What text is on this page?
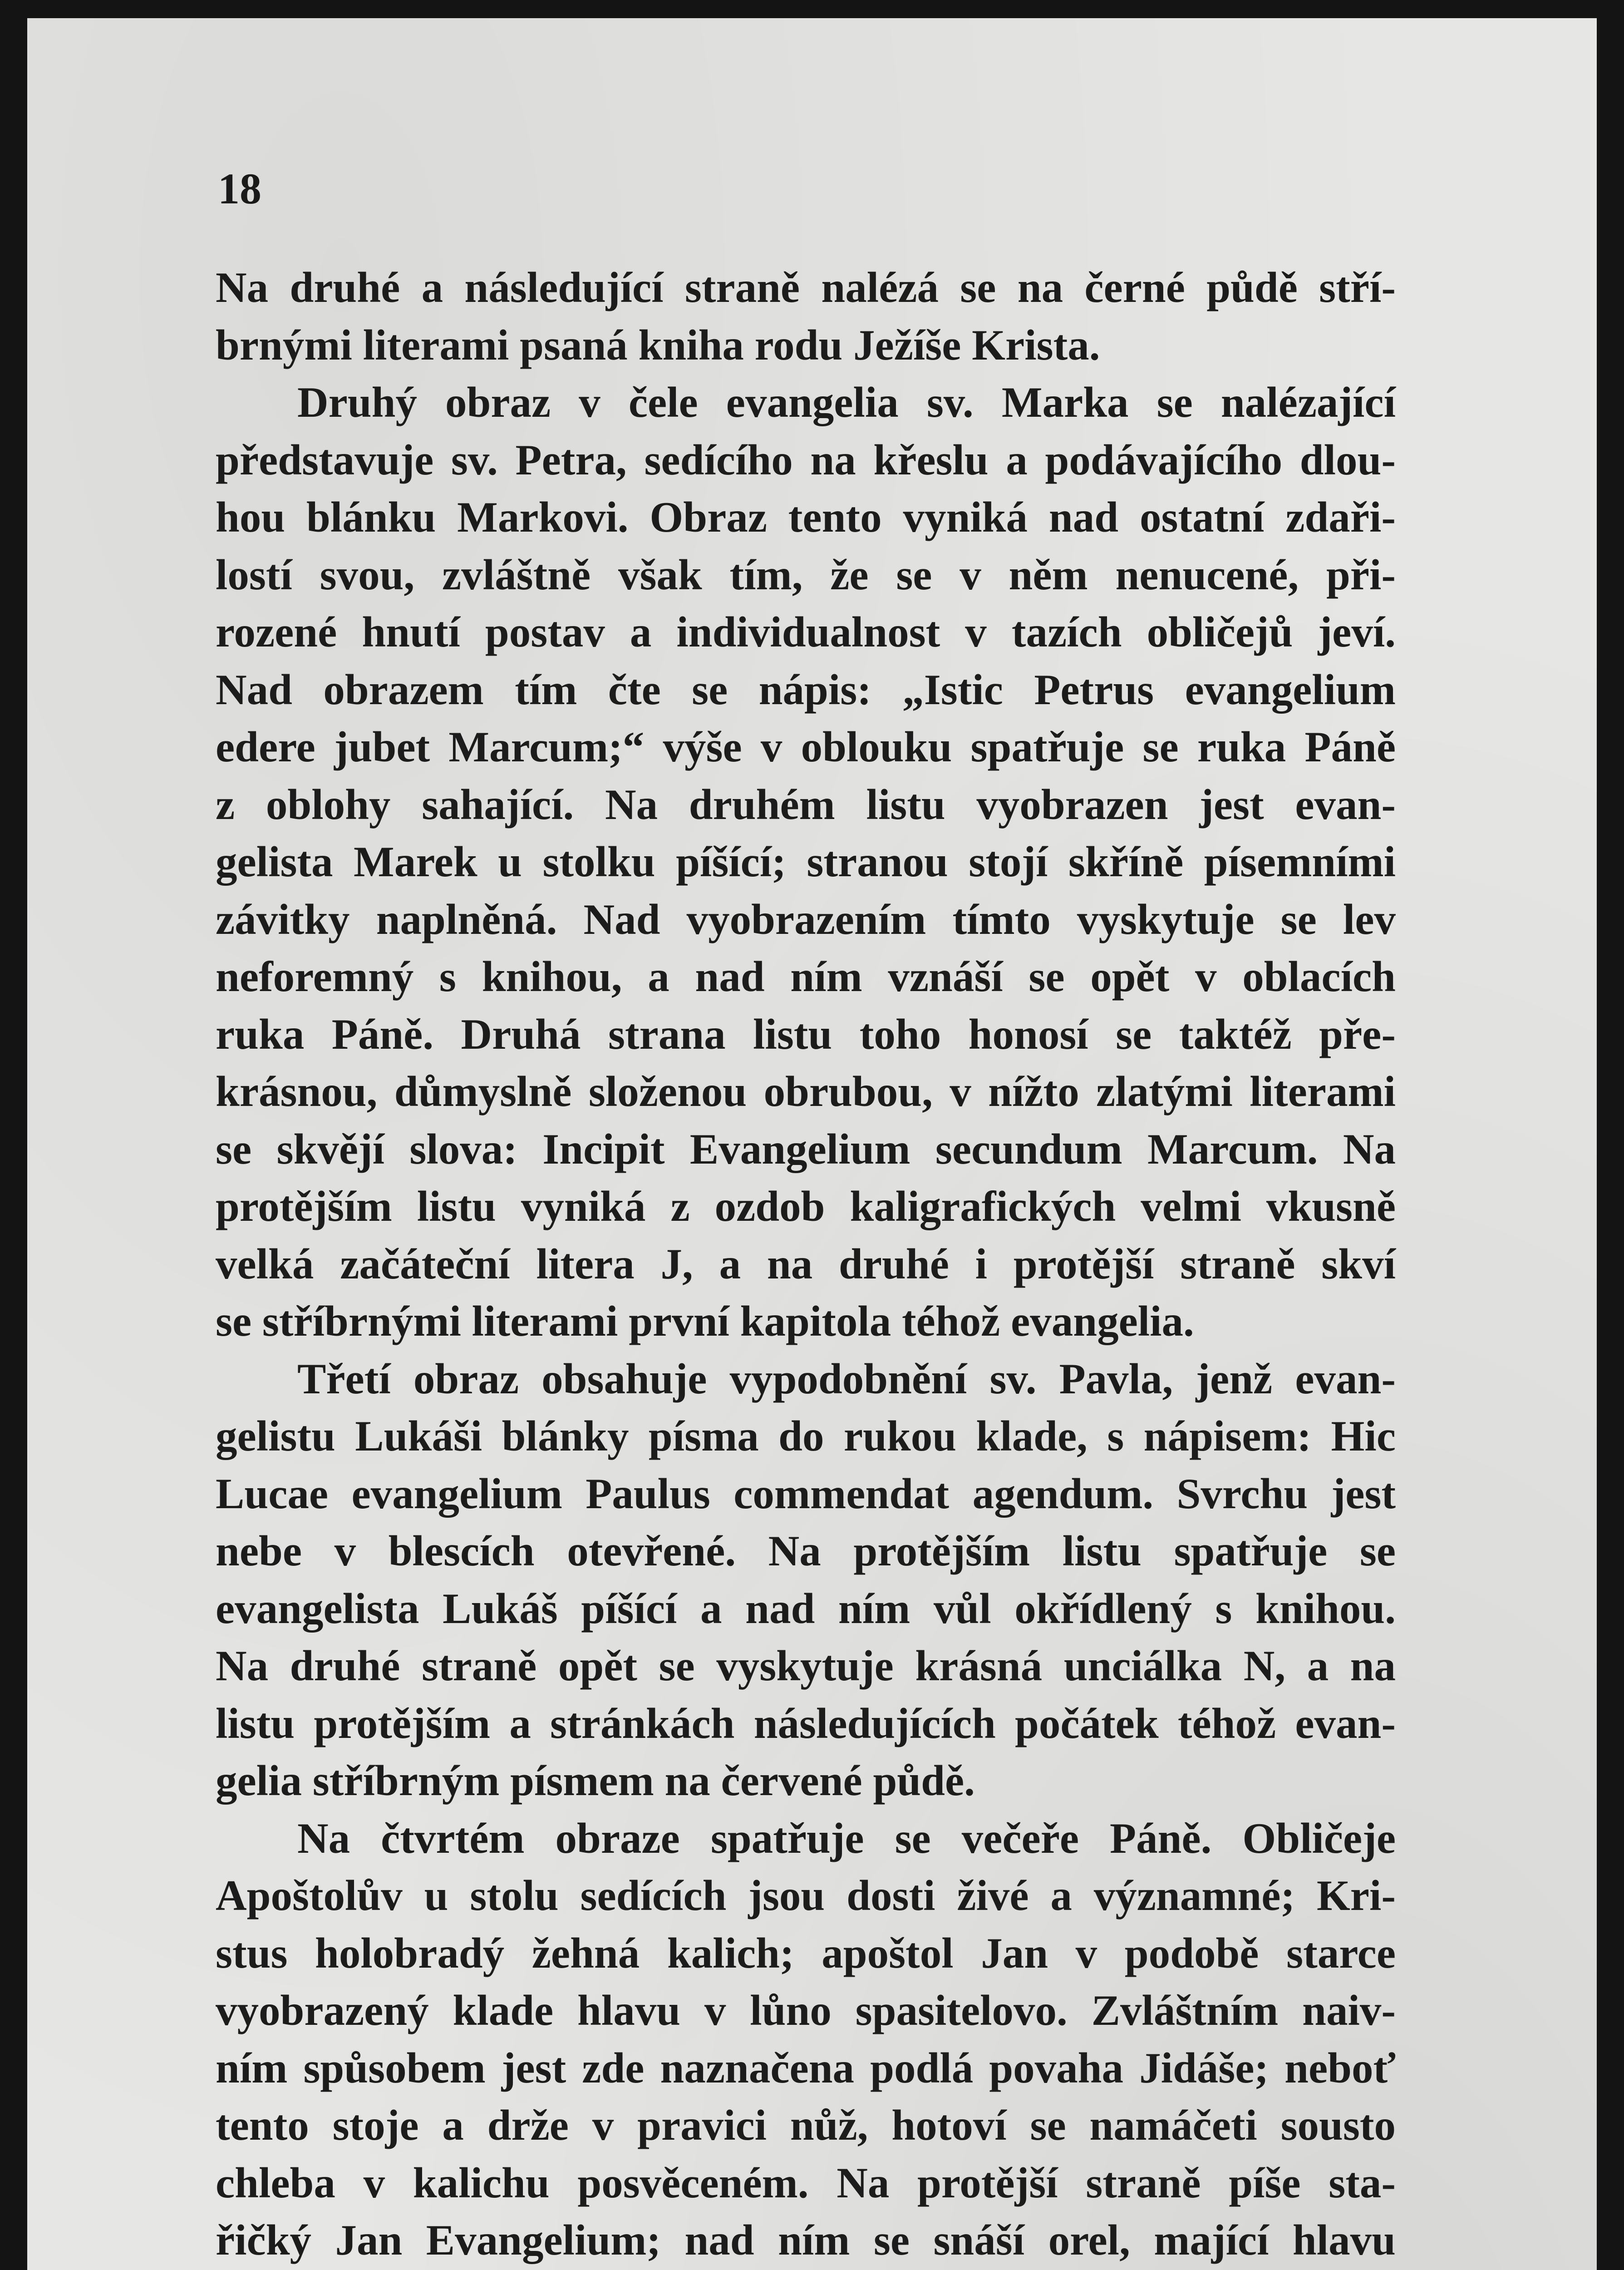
18

Na druhé a následující straně nalézá se na černé půdě stří-
brnými literami psaná kniha rodu Ježíše Krista.

Druhý obraz v čele evangelia sv. Marka se nalézající
představuje sv. Petra, sedícího na křeslu a podávajícího dlou-
hou blánku Markovi. Obraz tento vyniká nad ostatní zdaři-
lostí svou, zvláštně však tím, že se v něm nenucené, při-
rozené hnutí postav a individualnost v tazích obličejů jeví.
Nad obrazem tím čte se nápis: „Istic Petrus evangelium
edere jubet Marcum;“ výše v oblouku spatřuje se ruka Páně
z oblohy sahající. Na druhém listu vyobrazen jest evan-
gelista Marek u stolku píšící; stranou stojí skříně písemními
závitky naplněná. Nad vyobrazením tímto vyskytuje se lev
neforemný s knihou, a nad ním vznáší se opět v oblacích
ruka Páně. Druhá strana listu toho honosí se taktéž pře-
krásnou, důmyslně složenou obrubou, v nížto zlatými literami
se skvějí slova: Incipit Evangelium secundum Marcum. Na
protějším listu vyniká z ozdob kaligrafických velmi vkusně
velká začáteční litera J, a na druhé i protější straně skví
se stříbrnými literami první kapitola téhož evangelia.

Třetí obraz obsahuje vypodobnění sv. Pavla, jenž evan-
gelistu Lukáši blánky písma do rukou klade, s nápisem: Hic
Lucae evangelium Paulus commendat agendum. Svrchu jest
nebe v blescích otevřené. Na protějším listu spatřuje se
evangelista Lukáš píšící a nad ním vůl okřídlený s knihou.
Na druhé straně opět se vyskytuje krásná unciálka N, a na
listu protějším a stránkách následujících počátek téhož evan-
gelia stříbrným písmem na červené půdě.

Na čtvrtém obraze spatřuje se večeře Páně. Obličeje
Apoštolův u stolu sedících jsou dosti živé a významné; Kri-
stus holobradý žehná kalich; apoštol Jan v podobě starce
vyobrazený klade hlavu v lůno spasitelovo. Zvláštním naiv-
ním spůsobem jest zde naznačena podlá povaha Jidáše; neboť
tento stoje a drže v pravici nůž, hotoví se namáčeti sousto
chleba v kalichu posvěceném. Na protější straně píše sta-
řičký Jan Evangelium; nad ním se snáší orel, mající hlavu
